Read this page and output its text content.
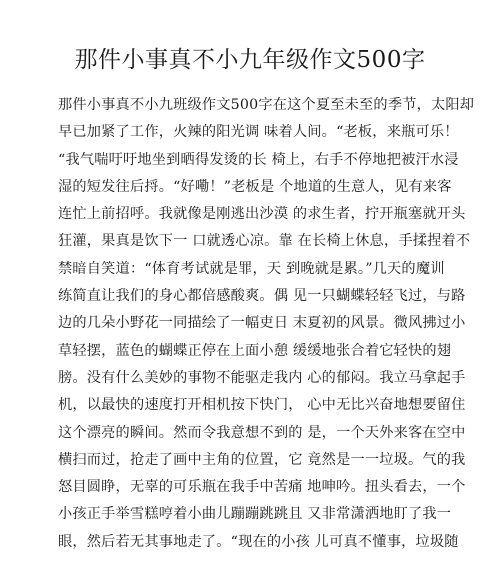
那件小事真不小九年级作文500字
那件小事真不小九班级作文500字在这个夏至未至的季节，太阳却
早已加紧了工作，火辣的阳光调 味着人间。“老板，来瓶可乐！
“我气喘吁吁地坐到晒得发烫的长 椅上，右手不停地把被汗水浸
湿的短发往后捋。“好嘞！”老板是 个地道的生意人，见有来客
连忙上前招呼。我就像是刚逃出沙漠 的求生者，拧开瓶塞就开头
狂灌，果真是饮下一 口就透心凉。靠 在长椅上休息，手揉捏着不
禁暗自笑道：“体育考试就是罪，天 到晚就是累。”几天的魔训
练简直让我们的身心都倍感酸爽。偶 见一只蝴蝶轻轻飞过，与路
边的几朵小野花一同描绘了一幅吏日 末夏初的风景。微风拂过小
草轻摆，蓝色的蝴蝶正停在上面小憩 缓缓地张合着它轻快的翅
膀。没有什么美妙的事物不能驱走我内 心的郁闷。我立马拿起手
机，以最快的速度打开相机按下快门， 心中无比兴奋地想要留住
这个漂亮的瞬间。然而令我意想不到的 是，一个天外来客在空中
横扫而过，抢走了画中主角的位置，它 竟然是一一垃圾。气的我
怒目圆睁，无辜的可乐瓶在我手中苦痛 地呻吟。扭头看去，一个
小孩正手举雪糕哼着小曲儿蹦蹦跳跳且 又非常潇洒地盯了我一
眼，然后若无其事地走了。“现在的小孩 儿可真不懂事，垃圾随
